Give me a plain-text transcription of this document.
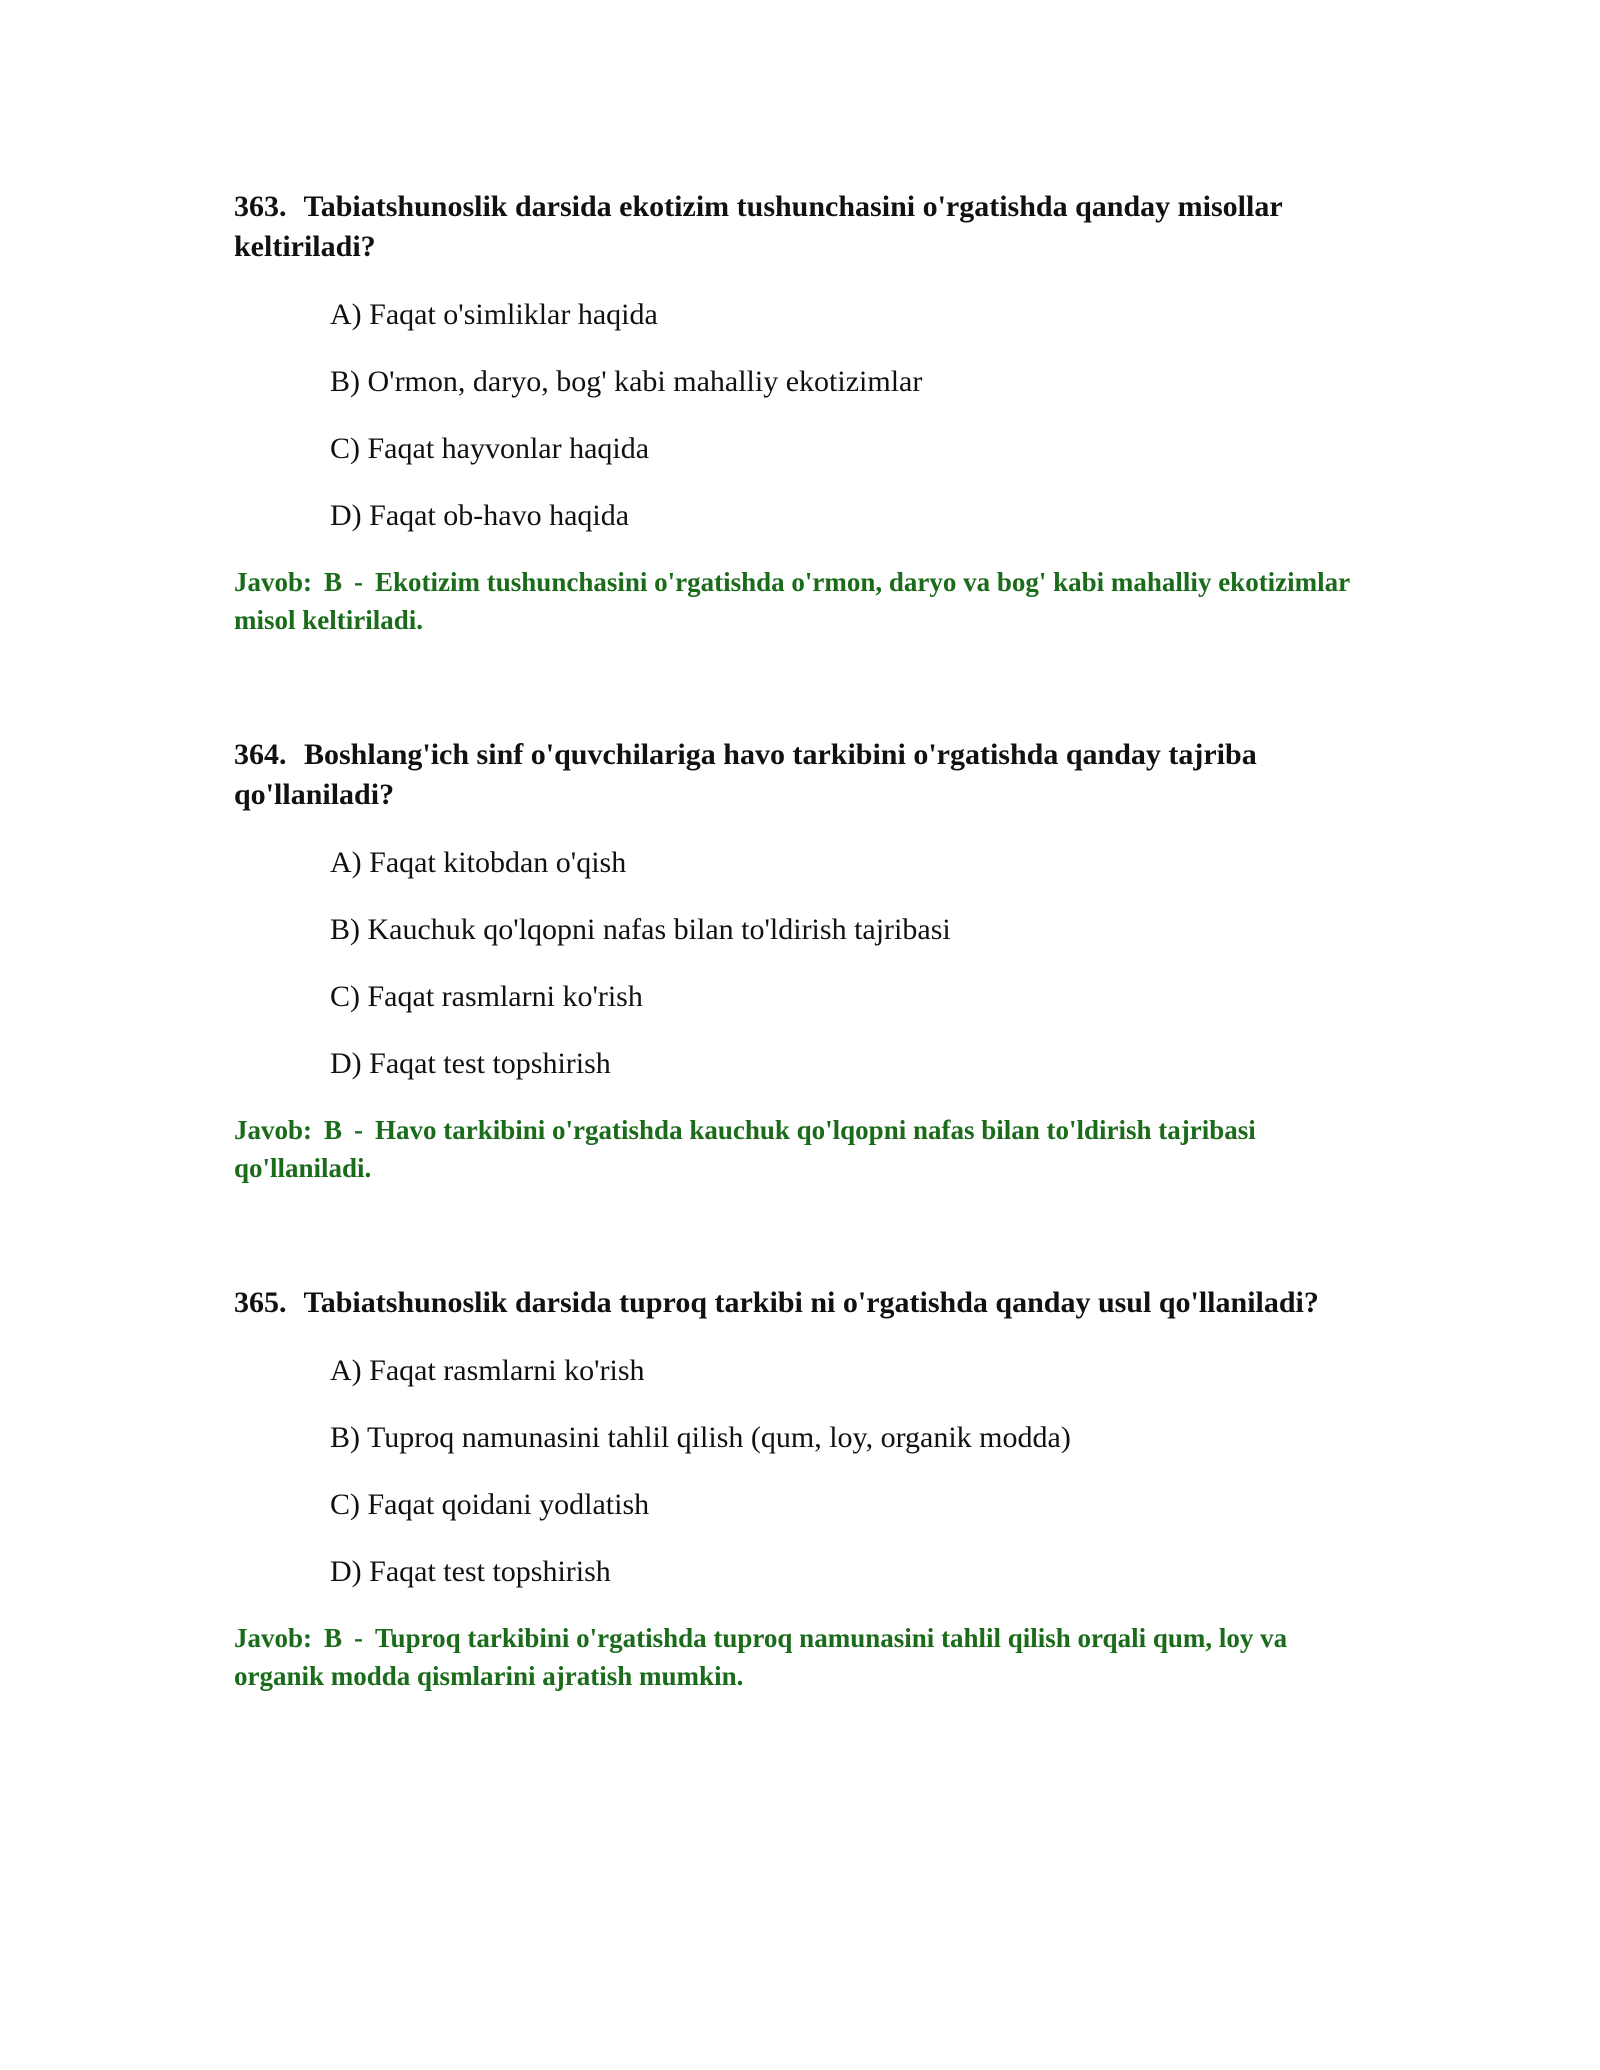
363. Tabiatshunoslik darsida ekotizim tushunchasini o'rgatishda qanday misollar keltiriladi?

A) Faqat o'simliklar haqida
B) O'rmon, daryo, bog' kabi mahalliy ekotizimlar
C) Faqat hayvonlar haqida
D) Faqat ob-havo haqida

Javob: B - Ekotizim tushunchasini o'rgatishda o'rmon, daryo va bog' kabi mahalliy ekotizimlar misol keltiriladi.

364. Boshlang'ich sinf o'quvchilariga havo tarkibini o'rgatishda qanday tajriba qo'llaniladi?

A) Faqat kitobdan o'qish
B) Kauchuk qo'lqopni nafas bilan to'ldirish tajribasi
C) Faqat rasmlarni ko'rish
D) Faqat test topshirish

Javob: B - Havo tarkibini o'rgatishda kauchuk qo'lqopni nafas bilan to'ldirish tajribasi qo'llaniladi.

365. Tabiatshunoslik darsida tuproq tarkibi ni o'rgatishda qanday usul qo'llaniladi?

A) Faqat rasmlarni ko'rish
B) Tuproq namunasini tahlil qilish (qum, loy, organik modda)
C) Faqat qoidani yodlatish
D) Faqat test topshirish

Javob: B - Tuproq tarkibini o'rgatishda tuproq namunasini tahlil qilish orqali qum, loy va organik modda qismlarini ajratish mumkin.
